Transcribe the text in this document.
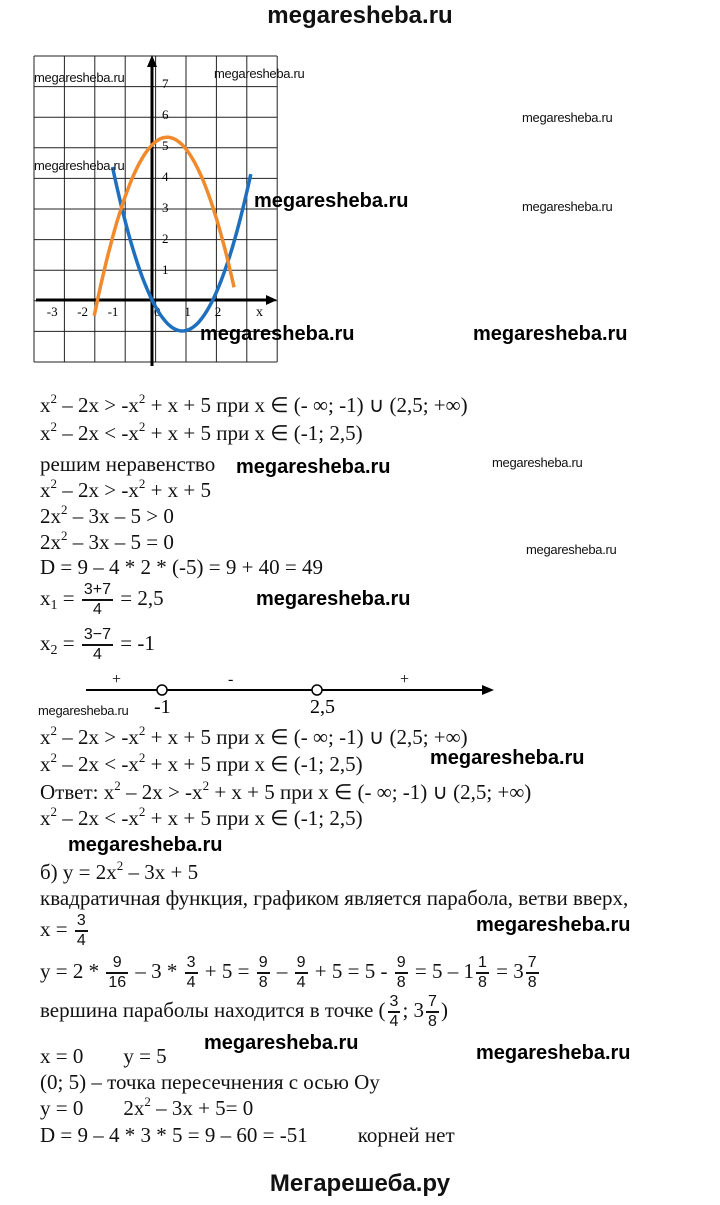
megaresheba.ru
1
2
3
4
5
6
7
-3 -2 -1	0 1 2 x
megaresheba.ru	megaresheba.ru
megaresheba.ru
megaresheba.ru
megaresheba.ru	megaresheba.ru
megaresheba.ru	megaresheba.ru
megaresheba.ru	megaresheba.ru
megaresheba.ru
megaresheba.ru
megaresheba.ru
megaresheba.ru
megaresheba.ru
megaresheba.ru
megaresheba.ru	megaresheba.ru
$x^2 - 2x > -x^2 + x + 5$ при x ∈ (- ∞; -1) ∪ (2,5; +∞)
$x^2 - 2x < -x^2 + x + 5$ при x ∈ (-1; 2,5)
решим неравенство
$x^2 - 2x > -x^2 + x + 5$
$2x^2 - 3x - 5 > 0$
$2x^2 - 3x - 5 = 0$
D = 9 – 4 * 2 * (-5) = 9 + 40 = 49
$x_1 = \frac{3+7}{4} = 2,5$
$x_2 = \frac{3-7}{4} = -1$
+	-	+
-1	2,5
$x^2 - 2x > -x^2 + x + 5$ при x ∈ (- ∞; -1) ∪ (2,5; +∞)
$x^2 - 2x < -x^2 + x + 5$ при x ∈ (-1; 2,5)
Ответ: $x^2 - 2x > -x^2 + x + 5$ при x ∈ (- ∞; -1) ∪ (2,5; +∞)
$x^2 - 2x < -x^2 + x + 5$ при x ∈ (-1; 2,5)
б) $y = 2x^2 - 3x + 5$
квадратичная функция, графиком является парабола, ветви вверх,
$x = \frac{3}{4}$
$y = 2 * \frac{9}{16} - 3 * \frac{3}{4} + 5 = \frac{9}{8} - \frac{9}{4} + 5 = 5 - \frac{9}{8} = 5 - 1 \frac{1}{8} = 3 \frac{7}{8}$
вершина параболы находится в точке ( $\frac{3}{4}$ ; $3 \frac{7}{8}$ )
x = 0 y = 5
(0; 5) – точка пересечнения с осью Oy
y = 0 $2x^2 - 3x + 5= 0$
D = 9 – 4 * 3 * 5 = 9 – 60 = -51 корней нет
Мегарешеба.ру
